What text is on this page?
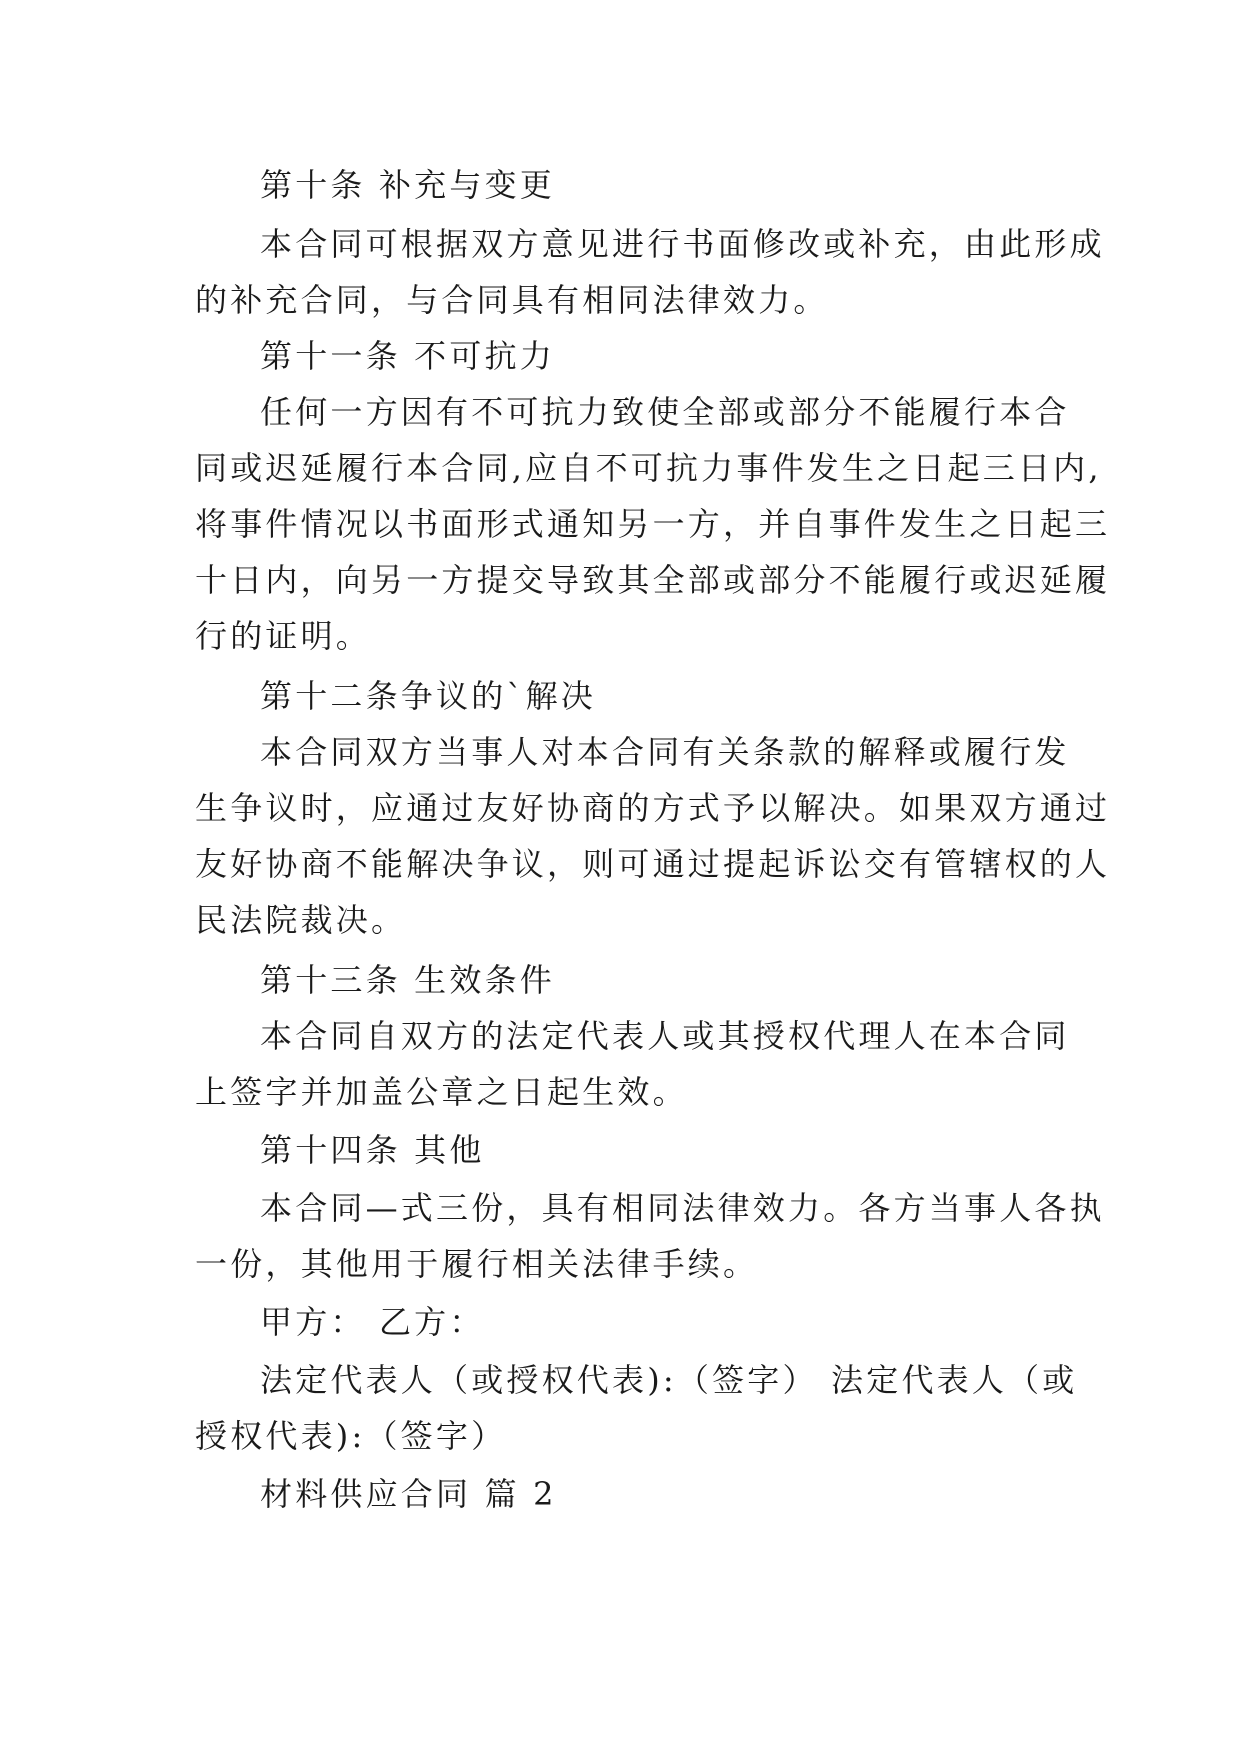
第十条 补充与变更
本合同可根据双方意见进行书面修改或补充，由此形成
的补充合同，与合同具有相同法律效力。
第十一条 不可抗力
任何一方因有不可抗力致使全部或部分不能履行本合
同或迟延履行本合同,应自不可抗力事件发生之日起三日内,
将事件情况以书面形式通知另一方，并自事件发生之日起三
十日内，向另一方提交导致其全部或部分不能履行或迟延履
行的证明。
第十二条争议的`解决
本合同双方当事人对本合同有关条款的解释或履行发
生争议时，应通过友好协商的方式予以解决。如果双方通过
友好协商不能解决争议，则可通过提起诉讼交有管辖权的人
民法院裁决。
第十三条 生效条件
本合同自双方的法定代表人或其授权代理人在本合同
上签字并加盖公章之日起生效。
第十四条 其他
本合同—式三份，具有相同法律效力。各方当事人各执
一份，其他用于履行相关法律手续。
甲方： 乙方：
法定代表人（或授权代表):（签字） 法定代表人（或
授权代表):（签字）
材料供应合同 篇 2
